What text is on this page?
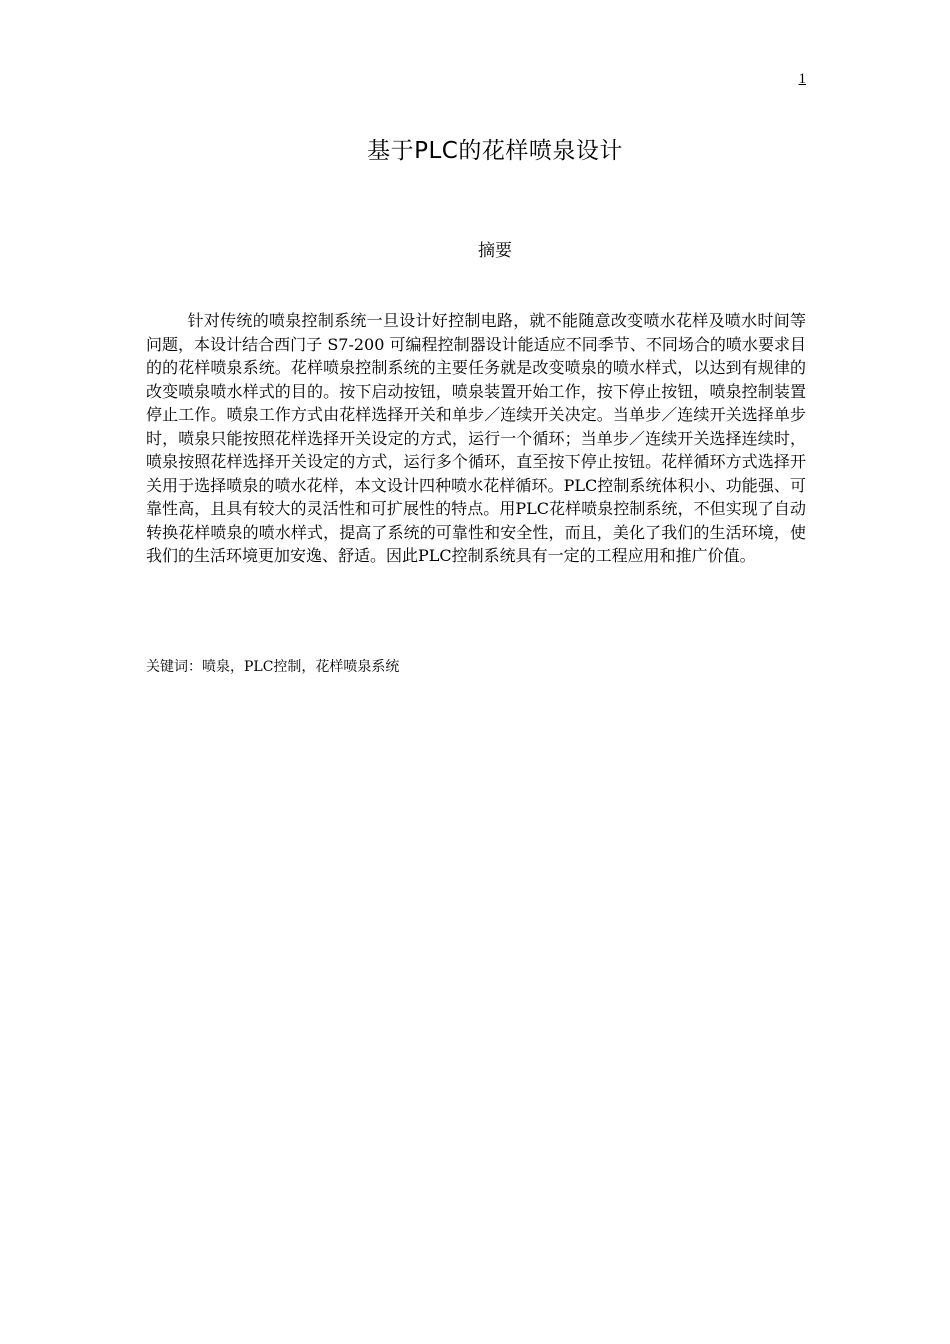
1
基于PLC的花样喷泉设计
摘要

针对传统的喷泉控制系统一旦设计好控制电路，就不能随意改变喷水花样及喷水时间等问题，本设计结合西门子 S7-200 可编程控制器设计能适应不同季节、不同场合的喷水要求目的的花样喷泉系统。花样喷泉控制系统的主要任务就是改变喷泉的喷水样式，以达到有规律的改变喷泉喷水样式的目的。按下启动按钮，喷泉装置开始工作，按下停止按钮，喷泉控制装置停止工作。喷泉工作方式由花样选择开关和单步／连续开关决定。当单步／连续开关选择单步时，喷泉只能按照花样选择开关设定的方式，运行一个循环；当单步／连续开关选择连续时，喷泉按照花样选择开关设定的方式，运行多个循环，直至按下停止按钮。花样循环方式选择开关用于选择喷泉的喷水花样，本文设计四种喷水花样循环。PLC控制系统体积小、功能强、可靠性高，且具有较大的灵活性和可扩展性的特点。用PLC花样喷泉控制系统，不但实现了自动转换花样喷泉的喷水样式，提高了系统的可靠性和安全性，而且，美化了我们的生活环境，使我们的生活环境更加安逸、舒适。因此PLC控制系统具有一定的工程应用和推广价值。

关键词：喷泉，PLC控制，花样喷泉系统
